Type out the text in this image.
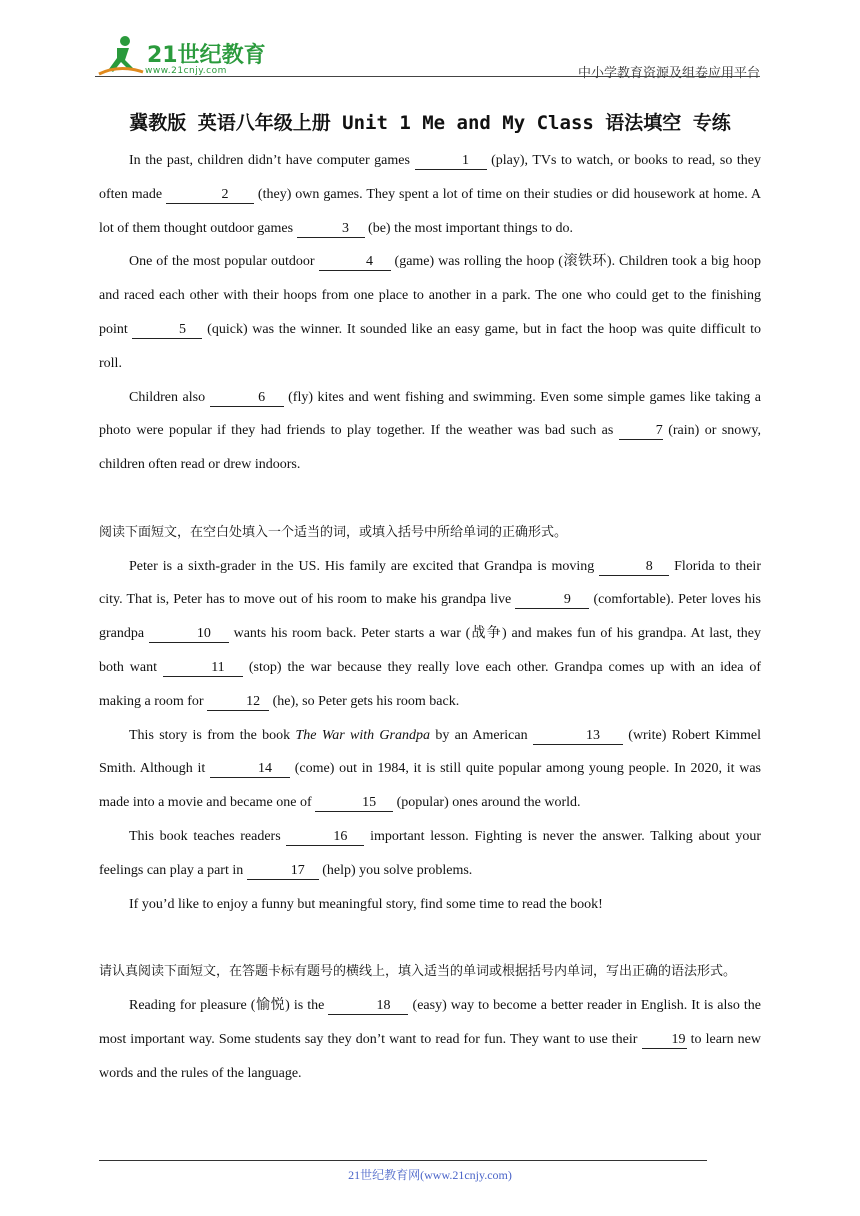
21世纪教育
www.21cnjy.com	中小学教育资源及组卷应用平台
冀教版 英语八年级上册 Unit 1 Me and My Class 语法填空 专练

In the past, children didn’t have computer games	1 (play), TVs to watch, or books to read, so they often made	2 (they) own games. They spent a lot of time on their studies or did housework at home. A lot of them thought outdoor games	3 (be) the most important things to do.

One of the most popular outdoor	4 (game) was rolling the hoop (滚铁环). Children took a big hoop and raced each other with their hoops from one place to another in a park. The one who could get to the finishing point	5 (quick) was the winner. It sounded like an easy game, but in fact the hoop was quite difficult to roll.

Children also	6 (fly) kites and went fishing and swimming. Even some simple games like taking a photo were popular if they had friends to play together. If the weather was bad such as	7 (rain) or snowy, children often read or drew indoors.

阅读下面短文，在空白处填入一个适当的词，或填入括号中所给单词的正确形式。

Peter is a sixth-grader in the US. His family are excited that Grandpa is moving	8 Florida to their city. That is, Peter has to move out of his room to make his grandpa live	9 (comfortable). Peter loves his grandpa	10 wants his room back. Peter starts a war (战争) and makes fun of his grandpa. At last, they both want	11 (stop) the war because they really love each other. Grandpa comes up with an idea of making a room for	12 (he), so Peter gets his room back.

This story is from the book The War with Grandpa by an American	13 (write) Robert Kimmel Smith. Although it	14 (come) out in 1984, it is still quite popular among young people. In 2020, it was made into a movie and became one of	15 (popular) ones around the world.

This book teaches readers	16 important lesson. Fighting is never the answer. Talking about your feelings can play a part in	17 (help) you solve problems.

If you’d like to enjoy a funny but meaningful story, find some time to read the book!

请认真阅读下面短文，在答题卡标有题号的横线上，填入适当的单词或根据括号内单词，写出正确的语法形式。

Reading for pleasure (愉悦) is the	18 (easy) way to become a better reader in English. It is also the most important way. Some students say they don’t want to read for fun. They want to use their 19 to learn new words and the rules of the language.

21世纪教育网(www.21cnjy.com)
